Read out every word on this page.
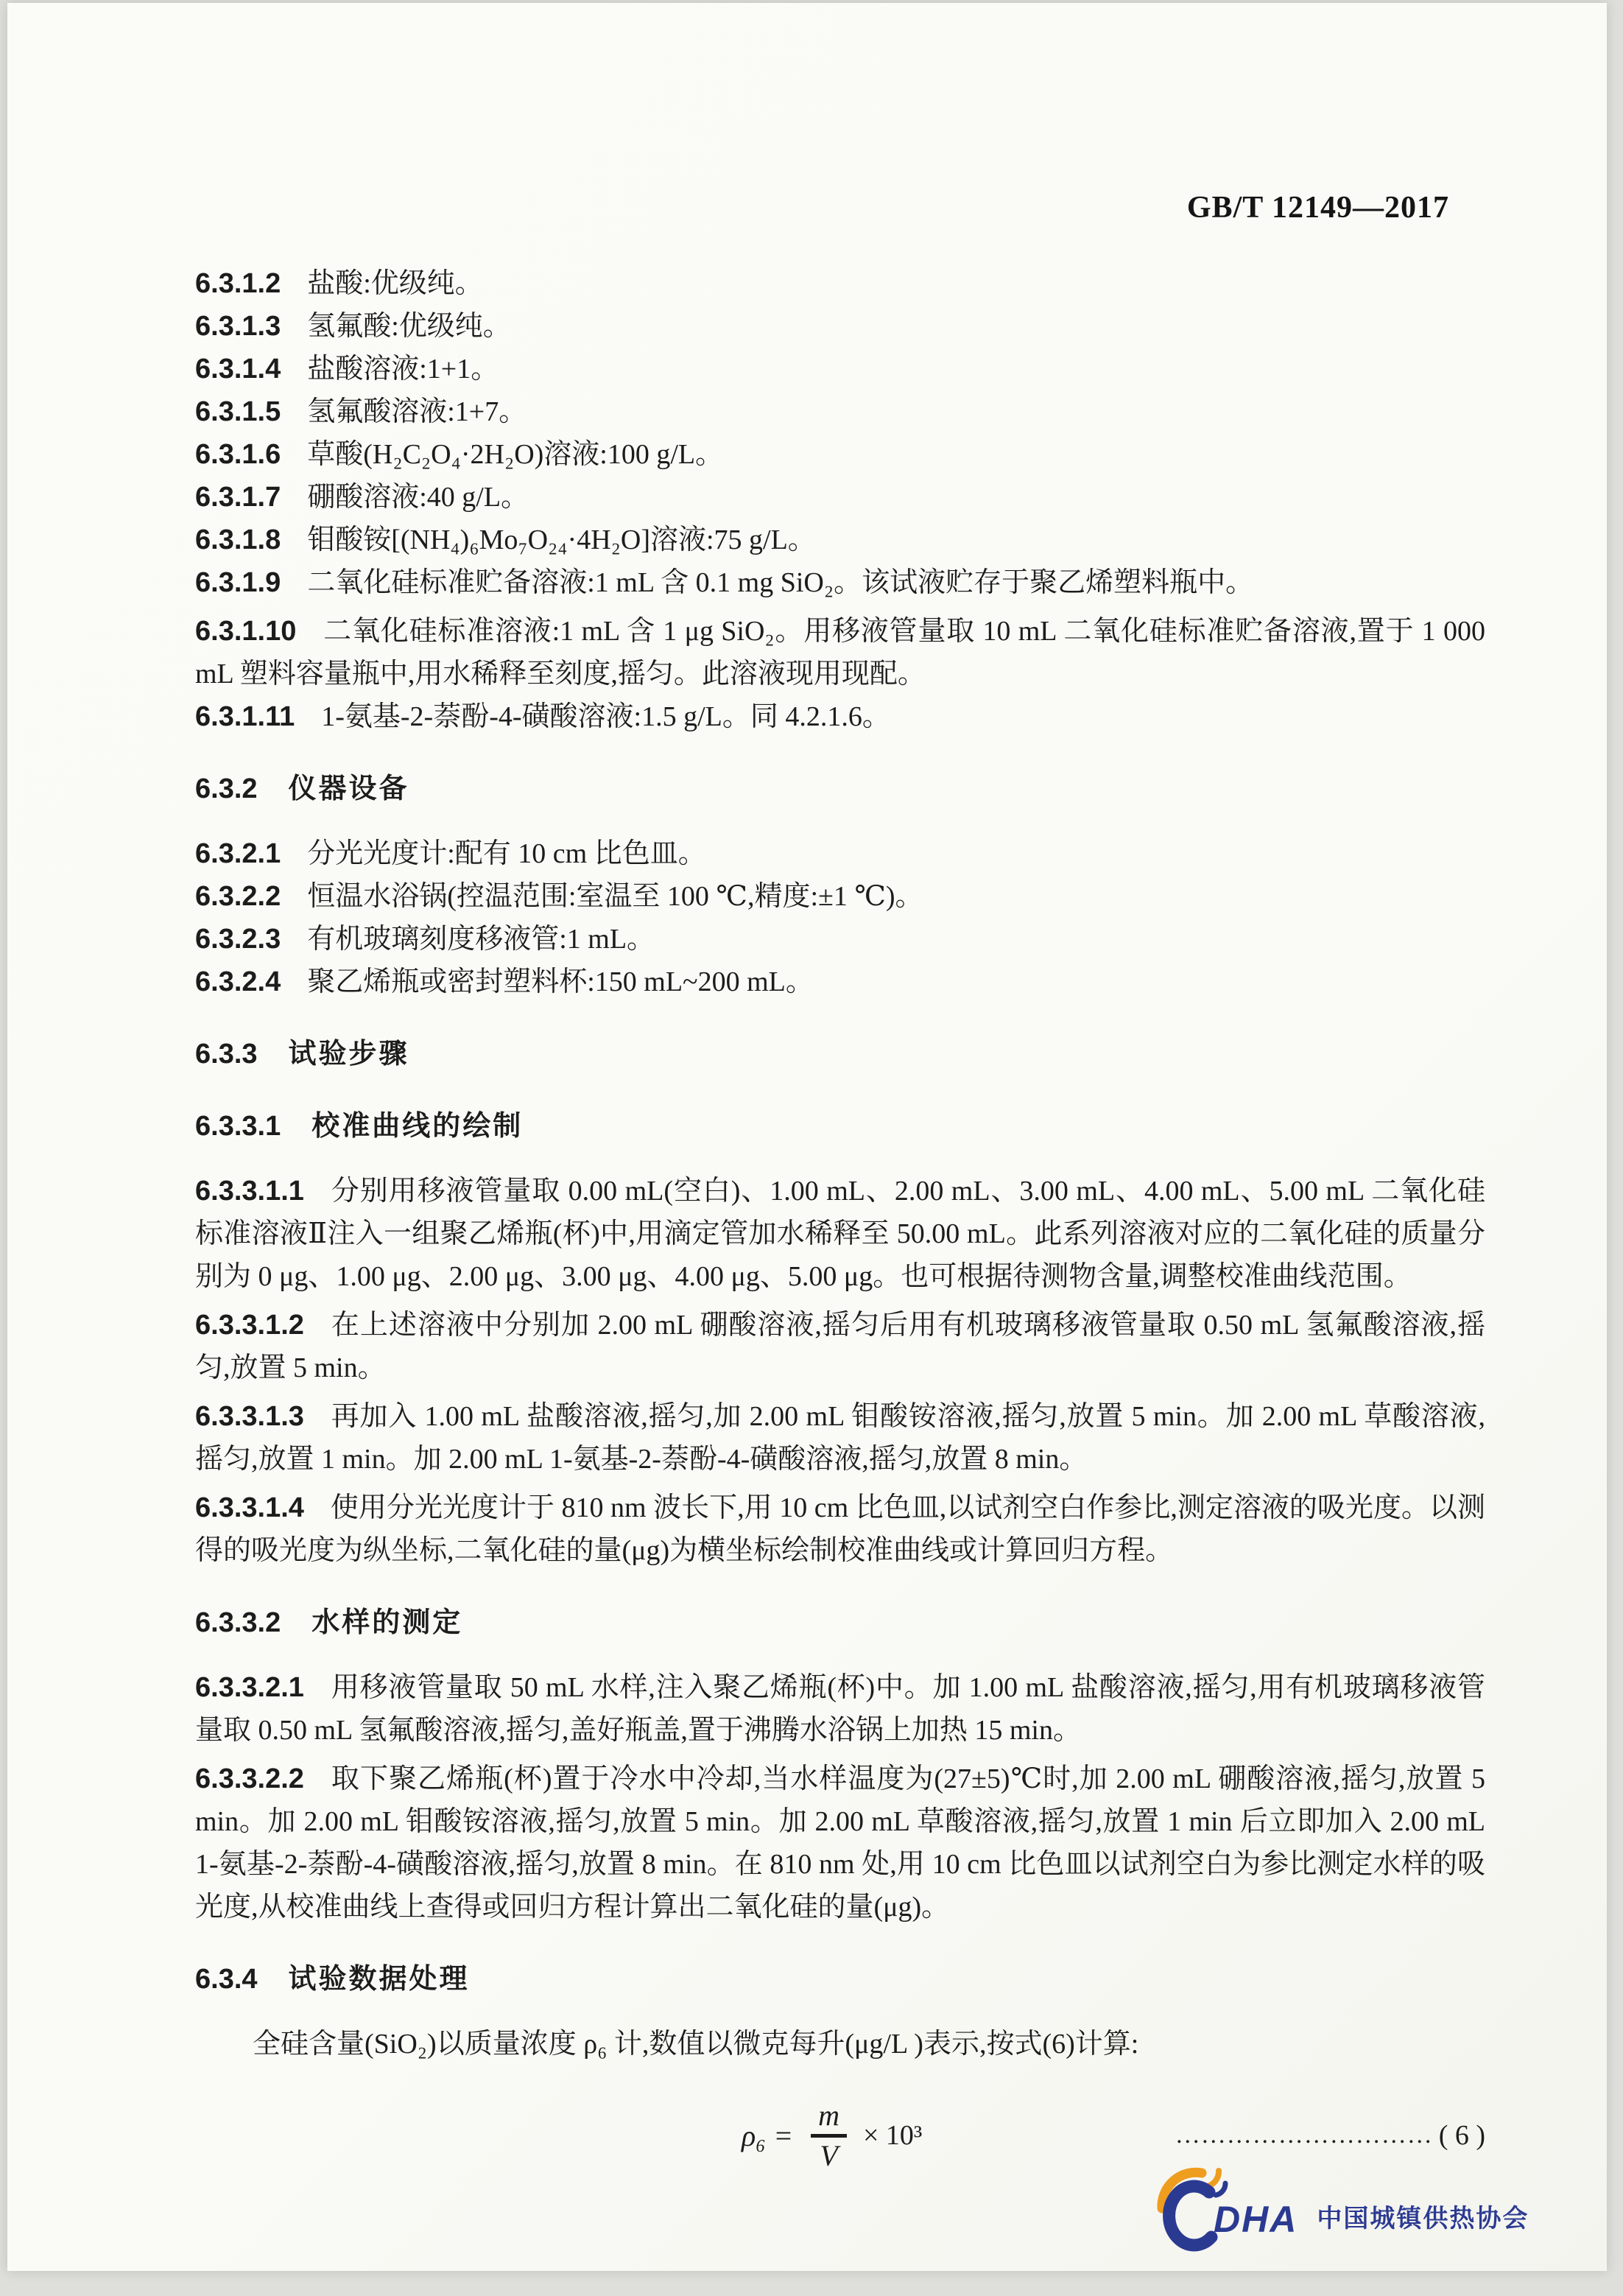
GB/T 12149—2017
6.3.1.2 盐酸:优级纯。
6.3.1.3 氢氟酸:优级纯。
6.3.1.4 盐酸溶液:1+1。
6.3.1.5 氢氟酸溶液:1+7。
6.3.1.6 草酸(H₂C₂O₄·2H₂O)溶液:100 g/L。
6.3.1.7 硼酸溶液:40 g/L。
6.3.1.8 钼酸铵[(NH₄)₆Mo₇O₂₄·4H₂O]溶液:75 g/L。
6.3.1.9 二氧化硅标准贮备溶液:1 mL 含 0.1 mg SiO₂。该试液贮存于聚乙烯塑料瓶中。
6.3.1.10 二氧化硅标准溶液:1 mL 含 1 μg SiO₂。用移液管量取 10 mL 二氧化硅标准贮备溶液,置于 1 000 mL 塑料容量瓶中,用水稀释至刻度,摇匀。此溶液现用现配。
6.3.1.11 1-氨基-2-萘酚-4-磺酸溶液:1.5 g/L。同 4.2.1.6。
6.3.2 仪器设备
6.3.2.1 分光光度计:配有 10 cm 比色皿。
6.3.2.2 恒温水浴锅(控温范围:室温至 100 ℃,精度:±1 ℃)。
6.3.2.3 有机玻璃刻度移液管:1 mL。
6.3.2.4 聚乙烯瓶或密封塑料杯:150 mL~200 mL。
6.3.3 试验步骤
6.3.3.1 校准曲线的绘制
6.3.3.1.1 分别用移液管量取 0.00 mL(空白)、1.00 mL、2.00 mL、3.00 mL、4.00 mL、5.00 mL 二氧化硅标准溶液Ⅱ注入一组聚乙烯瓶(杯)中,用滴定管加水稀释至 50.00 mL。此系列溶液对应的二氧化硅的质量分别为 0 μg、1.00 μg、2.00 μg、3.00 μg、4.00 μg、5.00 μg。也可根据待测物含量,调整校准曲线范围。
6.3.3.1.2 在上述溶液中分别加 2.00 mL 硼酸溶液,摇匀后用有机玻璃移液管量取 0.50 mL 氢氟酸溶液,摇匀,放置 5 min。
6.3.3.1.3 再加入 1.00 mL 盐酸溶液,摇匀,加 2.00 mL 钼酸铵溶液,摇匀,放置 5 min。加 2.00 mL 草酸溶液,摇匀,放置 1 min。加 2.00 mL 1-氨基-2-萘酚-4-磺酸溶液,摇匀,放置 8 min。
6.3.3.1.4 使用分光光度计于 810 nm 波长下,用 10 cm 比色皿,以试剂空白作参比,测定溶液的吸光度。以测得的吸光度为纵坐标,二氧化硅的量(μg)为横坐标绘制校准曲线或计算回归方程。
6.3.3.2 水样的测定
6.3.3.2.1 用移液管量取 50 mL 水样,注入聚乙烯瓶(杯)中。加 1.00 mL 盐酸溶液,摇匀,用有机玻璃移液管量取 0.50 mL 氢氟酸溶液,摇匀,盖好瓶盖,置于沸腾水浴锅上加热 15 min。
6.3.3.2.2 取下聚乙烯瓶(杯)置于冷水中冷却,当水样温度为(27±5)℃时,加 2.00 mL 硼酸溶液,摇匀,放置 5 min。加 2.00 mL 钼酸铵溶液,摇匀,放置 5 min。加 2.00 mL 草酸溶液,摇匀,放置 1 min 后立即加入 2.00 mL 1-氨基-2-萘酚-4-磺酸溶液,摇匀,放置 8 min。在 810 nm 处,用 10 cm 比色皿以试剂空白为参比测定水样的吸光度,从校准曲线上查得或回归方程计算出二氧化硅的量(μg)。
6.3.4 试验数据处理
全硅含量(SiO₂)以质量浓度 ρ₆ 计,数值以微克每升(μg/L )表示,按式(6)计算:
$\rho_6 = \frac{m}{V} \times 10^3$	………………………… ( 6 )
DHA 中国城镇供热协会
